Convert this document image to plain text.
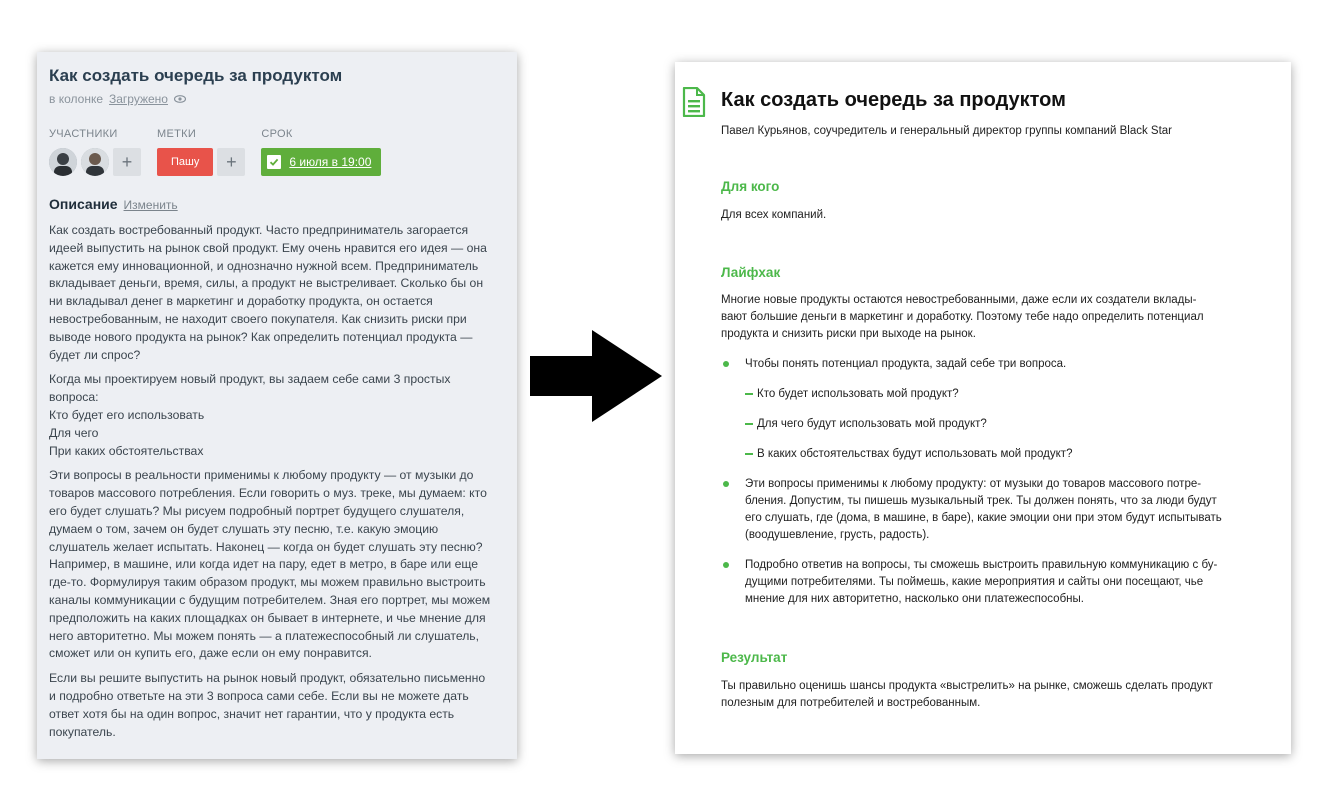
Как создать очередь за продуктом
в колонке Загружено
УЧАСТНИКИ
+
МЕТКИ
Пашу	+
СРОК
6 июля в 19:00
Описание Изменить

Как создать востребованный продукт. Часто предприниматель загорается
идеей выпустить на рынок свой продукт. Ему очень нравится его идея — она
кажется ему инновационной, и однозначно нужной всем. Предприниматель
вкладывает деньги, время, силы, а продукт не выстреливает. Сколько бы он
ни вкладывал денег в маркетинг и доработку продукта, он остается
невостребованным, не находит своего покупателя. Как снизить риски при
выводе нового продукта на рынок? Как определить потенциал продукта —
будет ли спрос?

Когда мы проектируем новый продукт, вы задаем себе сами 3 простых
вопроса:
Кто будет его использовать
Для чего
При каких обстоятельствах

Эти вопросы в реальности применимы к любому продукту — от музыки до
товаров массового потребления. Если говорить о муз. треке, мы думаем: кто
его будет слушать? Мы рисуем подробный портрет будущего слушателя,
думаем о том, зачем он будет слушать эту песню, т.е. какую эмоцию
слушатель желает испытать. Наконец — когда он будет слушать эту песню?
Например, в машине, или когда идет на пару, едет в метро, в баре или еще
где-то. Формулируя таким образом продукт, мы можем правильно выстроить
каналы коммуникации с будущим потребителем. Зная его портрет, мы можем
предположить на каких площадках он бывает в интернете, и чье мнение для
него авторитетно. Мы можем понять — а платежеспособный ли слушатель,
сможет или он купить его, даже если он ему понравится.

Если вы решите выпустить на рынок новый продукт, обязательно письменно
и подробно ответьте на эти 3 вопроса сами себе. Если вы не можете дать
ответ хотя бы на один вопрос, значит нет гарантии, что у продукта есть
покупатель.

Как создать очередь за продуктом
Павел Курьянов, соучредитель и генеральный директор группы компаний Black Star
Для кого
Для всех компаний.
Лайфхак
Многие новые продукты остаются невостребованными, даже если их создатели вклады-
вают большие деньги в маркетинг и доработку. Поэтому тебе надо определить потенциал
продукта и снизить риски при выходе на рынок.
Чтобы понять потенциал продукта, задай себе три вопроса.
Кто будет использовать мой продукт?
Для чего будут использовать мой продукт?
В каких обстоятельствах будут использовать мой продукт?
Эти вопросы применимы к любому продукту: от музыки до товаров массового потре-
бления. Допустим, ты пишешь музыкальный трек. Ты должен понять, что за люди будут
его слушать, где (дома, в машине, в баре), какие эмоции они при этом будут испытывать
(воодушевление, грусть, радость).
Подробно ответив на вопросы, ты сможешь выстроить правильную коммуникацию с бу-
дущими потребителями. Ты поймешь, какие мероприятия и сайты они посещают, чье
мнение для них авторитетно, насколько они платежеспособны.
Результат
Ты правильно оценишь шансы продукта «выстрелить» на рынке, сможешь сделать продукт
полезным для потребителей и востребованным.
